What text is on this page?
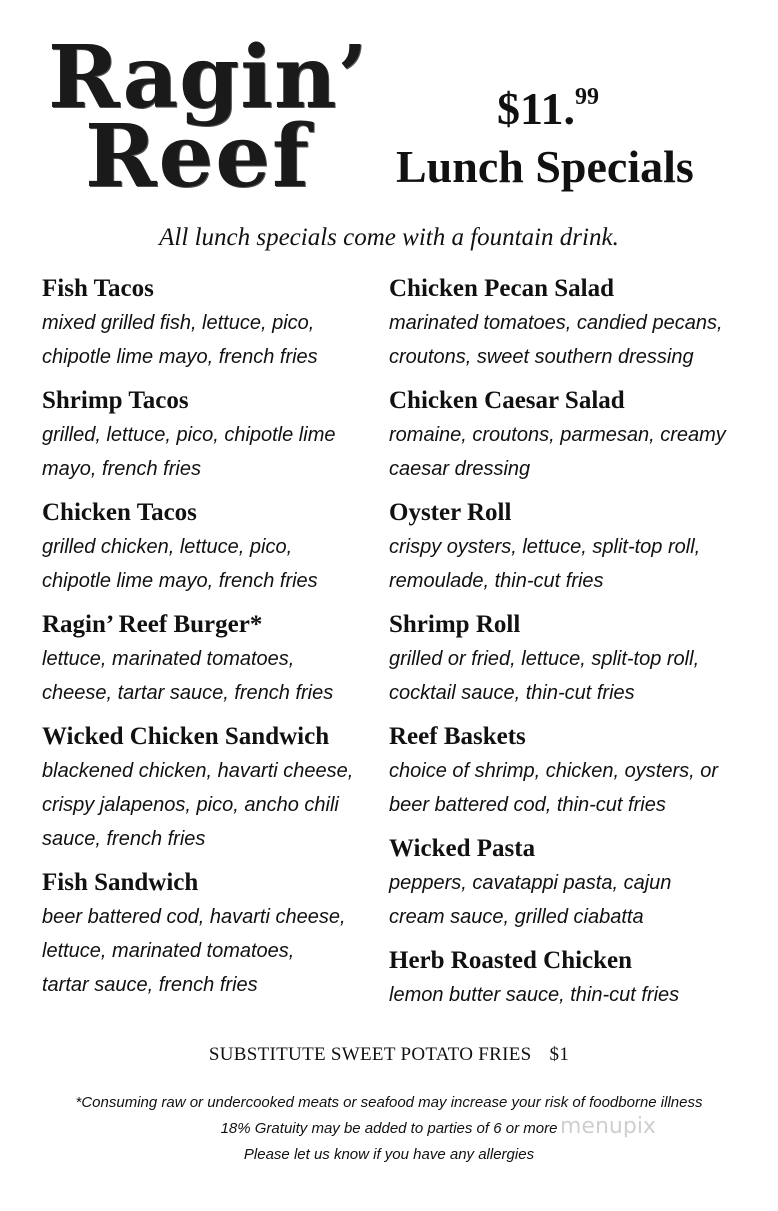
Ragin’
Reef	$11.99
Lunch Specials
All lunch specials come with a fountain drink.
Fish Tacos
mixed grilled fish, lettuce, pico,
chipotle lime mayo, french fries
Shrimp Tacos
grilled, lettuce, pico, chipotle lime
mayo, french fries
Chicken Tacos
grilled chicken, lettuce, pico,
chipotle lime mayo, french fries
Ragin’ Reef Burger*
lettuce, marinated tomatoes,
cheese, tartar sauce, french fries
Wicked Chicken Sandwich
blackened chicken, havarti cheese,
crispy jalapenos, pico, ancho chili
sauce, french fries
Fish Sandwich
beer battered cod, havarti cheese,
lettuce, marinated tomatoes,
tartar sauce, french fries
Chicken Pecan Salad
marinated tomatoes, candied pecans,
croutons, sweet southern dressing
Chicken Caesar Salad
romaine, croutons, parmesan, creamy
caesar dressing
Oyster Roll
crispy oysters, lettuce, split-top roll,
remoulade, thin-cut fries
Shrimp Roll
grilled or fried, lettuce, split-top roll,
cocktail sauce, thin-cut fries
Reef Baskets
choice of shrimp, chicken, oysters, or
beer battered cod, thin-cut fries
Wicked Pasta
peppers, cavatappi pasta, cajun
cream sauce, grilled ciabatta
Herb Roasted Chicken
lemon butter sauce, thin-cut fries
SUBSTITUTE SWEET POTATO FRIES $1
*Consuming raw or undercooked meats or seafood may increase your risk of foodborne illness
18% Gratuity may be added to parties of 6 or more
Please let us know if you have any allergies
menupix
